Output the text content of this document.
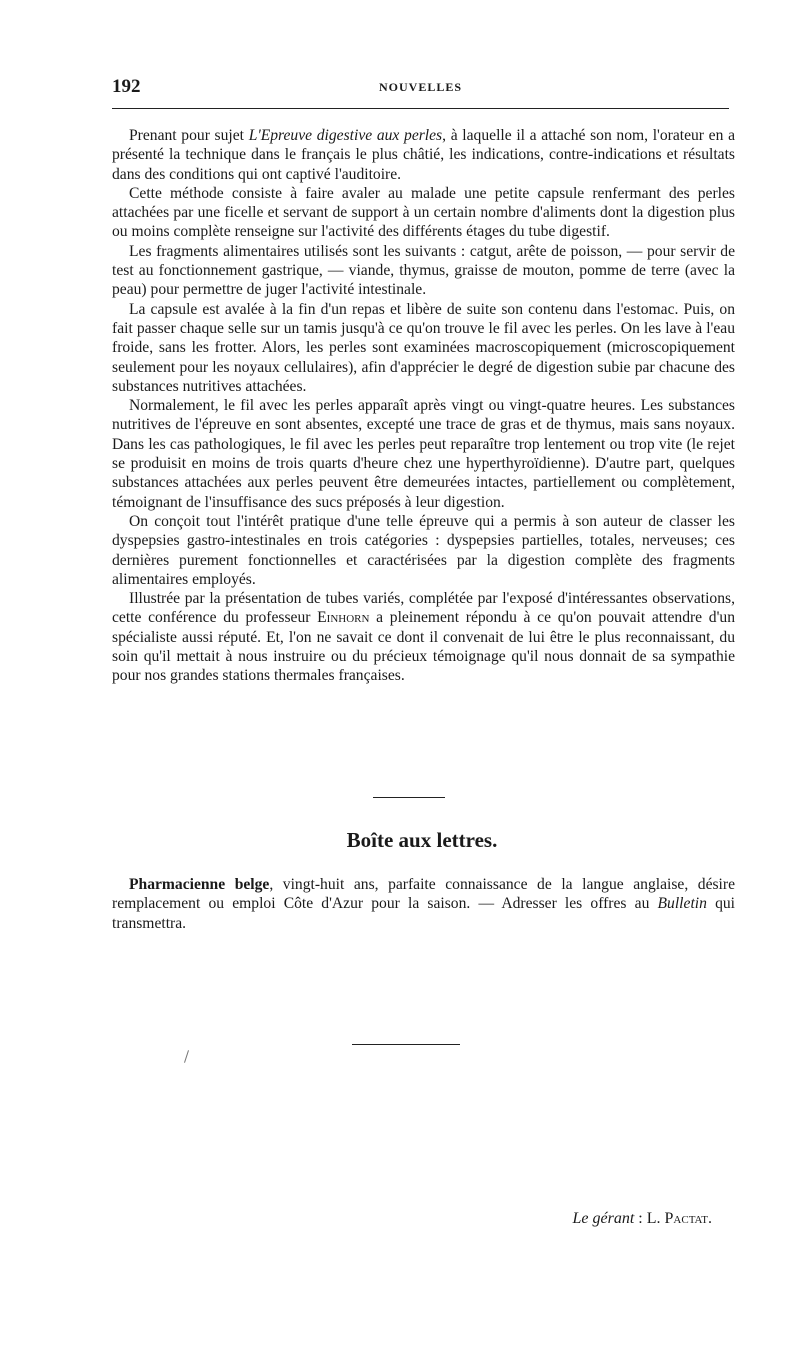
192	NOUVELLES

Prenant pour sujet L'Epreuve digestive aux perles, à laquelle il a attaché son nom, l'orateur en a présenté la technique dans le français le plus châtié, les indications, contre-indications et résultats dans des conditions qui ont captivé l'auditoire.

Cette méthode consiste à faire avaler au malade une petite capsule renfermant des perles attachées par une ficelle et servant de support à un certain nombre d'aliments dont la digestion plus ou moins complète renseigne sur l'activité des différents étages du tube digestif.

Les fragments alimentaires utilisés sont les suivants : catgut, arête de poisson, — pour servir de test au fonctionnement gastrique, — viande, thymus, graisse de mouton, pomme de terre (avec la peau) pour permettre de juger l'activité intestinale.

La capsule est avalée à la fin d'un repas et libère de suite son contenu dans l'estomac. Puis, on fait passer chaque selle sur un tamis jusqu'à ce qu'on trouve le fil avec les perles. On les lave à l'eau froide, sans les frotter. Alors, les perles sont examinées macroscopiquement (microscopiquement seulement pour les noyaux cellulaires), afin d'apprécier le degré de digestion subie par chacune des substances nutritives attachées.

Normalement, le fil avec les perles apparaît après vingt ou vingt-quatre heures. Les substances nutritives de l'épreuve en sont absentes, excepté une trace de gras et de thymus, mais sans noyaux. Dans les cas pathologiques, le fil avec les perles peut reparaître trop lentement ou trop vite (le rejet se produisit en moins de trois quarts d'heure chez une hyperthyroïdienne). D'autre part, quelques substances attachées aux perles peuvent être demeurées intactes, partiellement ou complètement, témoignant de l'insuffisance des sucs préposés à leur digestion.

On conçoit tout l'intérêt pratique d'une telle épreuve qui a permis à son auteur de classer les dyspepsies gastro-intestinales en trois catégories : dyspepsies partielles, totales, nerveuses; ces dernières purement fonctionnelles et caractérisées par la digestion complète des fragments alimentaires employés.

Illustrée par la présentation de tubes variés, complétée par l'exposé d'intéressantes observations, cette conférence du professeur Einhorn a pleinement répondu à ce qu'on pouvait attendre d'un spécialiste aussi réputé. Et, l'on ne savait ce dont il convenait de lui être le plus reconnaissant, du soin qu'il mettait à nous instruire ou du précieux témoignage qu'il nous donnait de sa sympathie pour nos grandes stations thermales françaises.

Boîte aux lettres.

Pharmacienne belge, vingt-huit ans, parfaite connaissance de la langue anglaise, désire remplacement ou emploi Côte d'Azur pour la saison. — Adresser les offres au Bulletin qui transmettra.

Le gérant : L. Pactat.
